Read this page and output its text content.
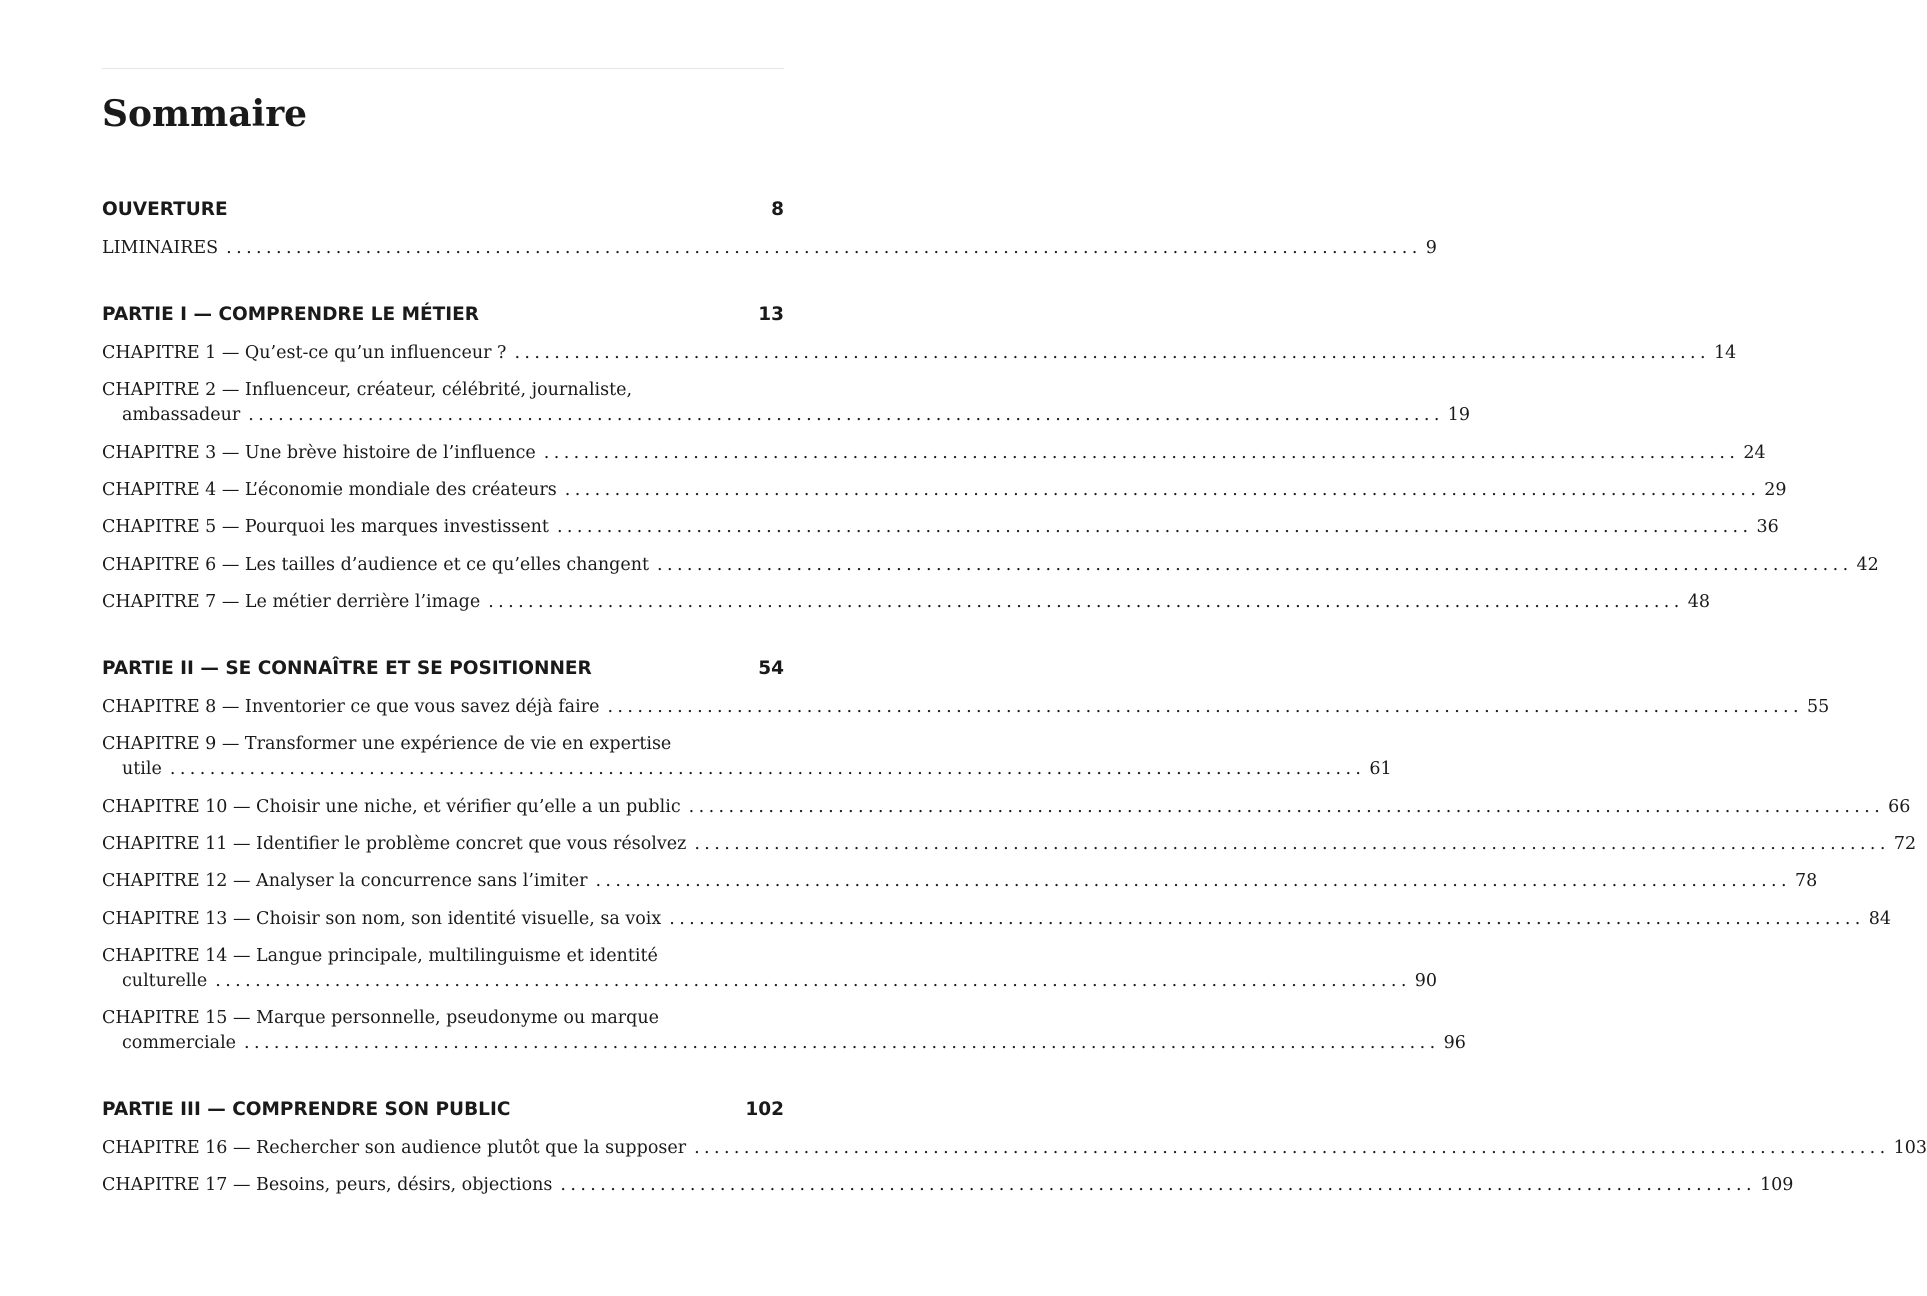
Sommaire
OUVERTURE	8
LIMINAIRES ........................................................................................................................ 9
PARTIE I — COMPRENDRE LE MÉTIER	13
CHAPITRE 1 — Qu’est-ce qu’un influenceur ? ........................................................................................................................ 14
CHAPITRE 2 — Influenceur, créateur, célébrité, journaliste,
ambassadeur ........................................................................................................................ 19
CHAPITRE 3 — Une brève histoire de l’influence ........................................................................................................................ 24
CHAPITRE 4 — L’économie mondiale des créateurs ........................................................................................................................ 29
CHAPITRE 5 — Pourquoi les marques investissent ........................................................................................................................ 36
CHAPITRE 6 — Les tailles d’audience et ce qu’elles changent ........................................................................................................................ 42
CHAPITRE 7 — Le métier derrière l’image ........................................................................................................................ 48
PARTIE II — SE CONNAÎTRE ET SE POSITIONNER	54
CHAPITRE 8 — Inventorier ce que vous savez déjà faire ........................................................................................................................ 55
CHAPITRE 9 — Transformer une expérience de vie en expertise
utile ........................................................................................................................ 61
CHAPITRE 10 — Choisir une niche, et vérifier qu’elle a un public ........................................................................................................................ 66
CHAPITRE 11 — Identifier le problème concret que vous résolvez ........................................................................................................................ 72
CHAPITRE 12 — Analyser la concurrence sans l’imiter ........................................................................................................................ 78
CHAPITRE 13 — Choisir son nom, son identité visuelle, sa voix ........................................................................................................................ 84
CHAPITRE 14 — Langue principale, multilinguisme et identité
culturelle ........................................................................................................................ 90
CHAPITRE 15 — Marque personnelle, pseudonyme ou marque
commerciale ........................................................................................................................ 96
PARTIE III — COMPRENDRE SON PUBLIC	102
CHAPITRE 16 — Rechercher son audience plutôt que la supposer ........................................................................................................................ 103
CHAPITRE 17 — Besoins, peurs, désirs, objections ........................................................................................................................ 109
